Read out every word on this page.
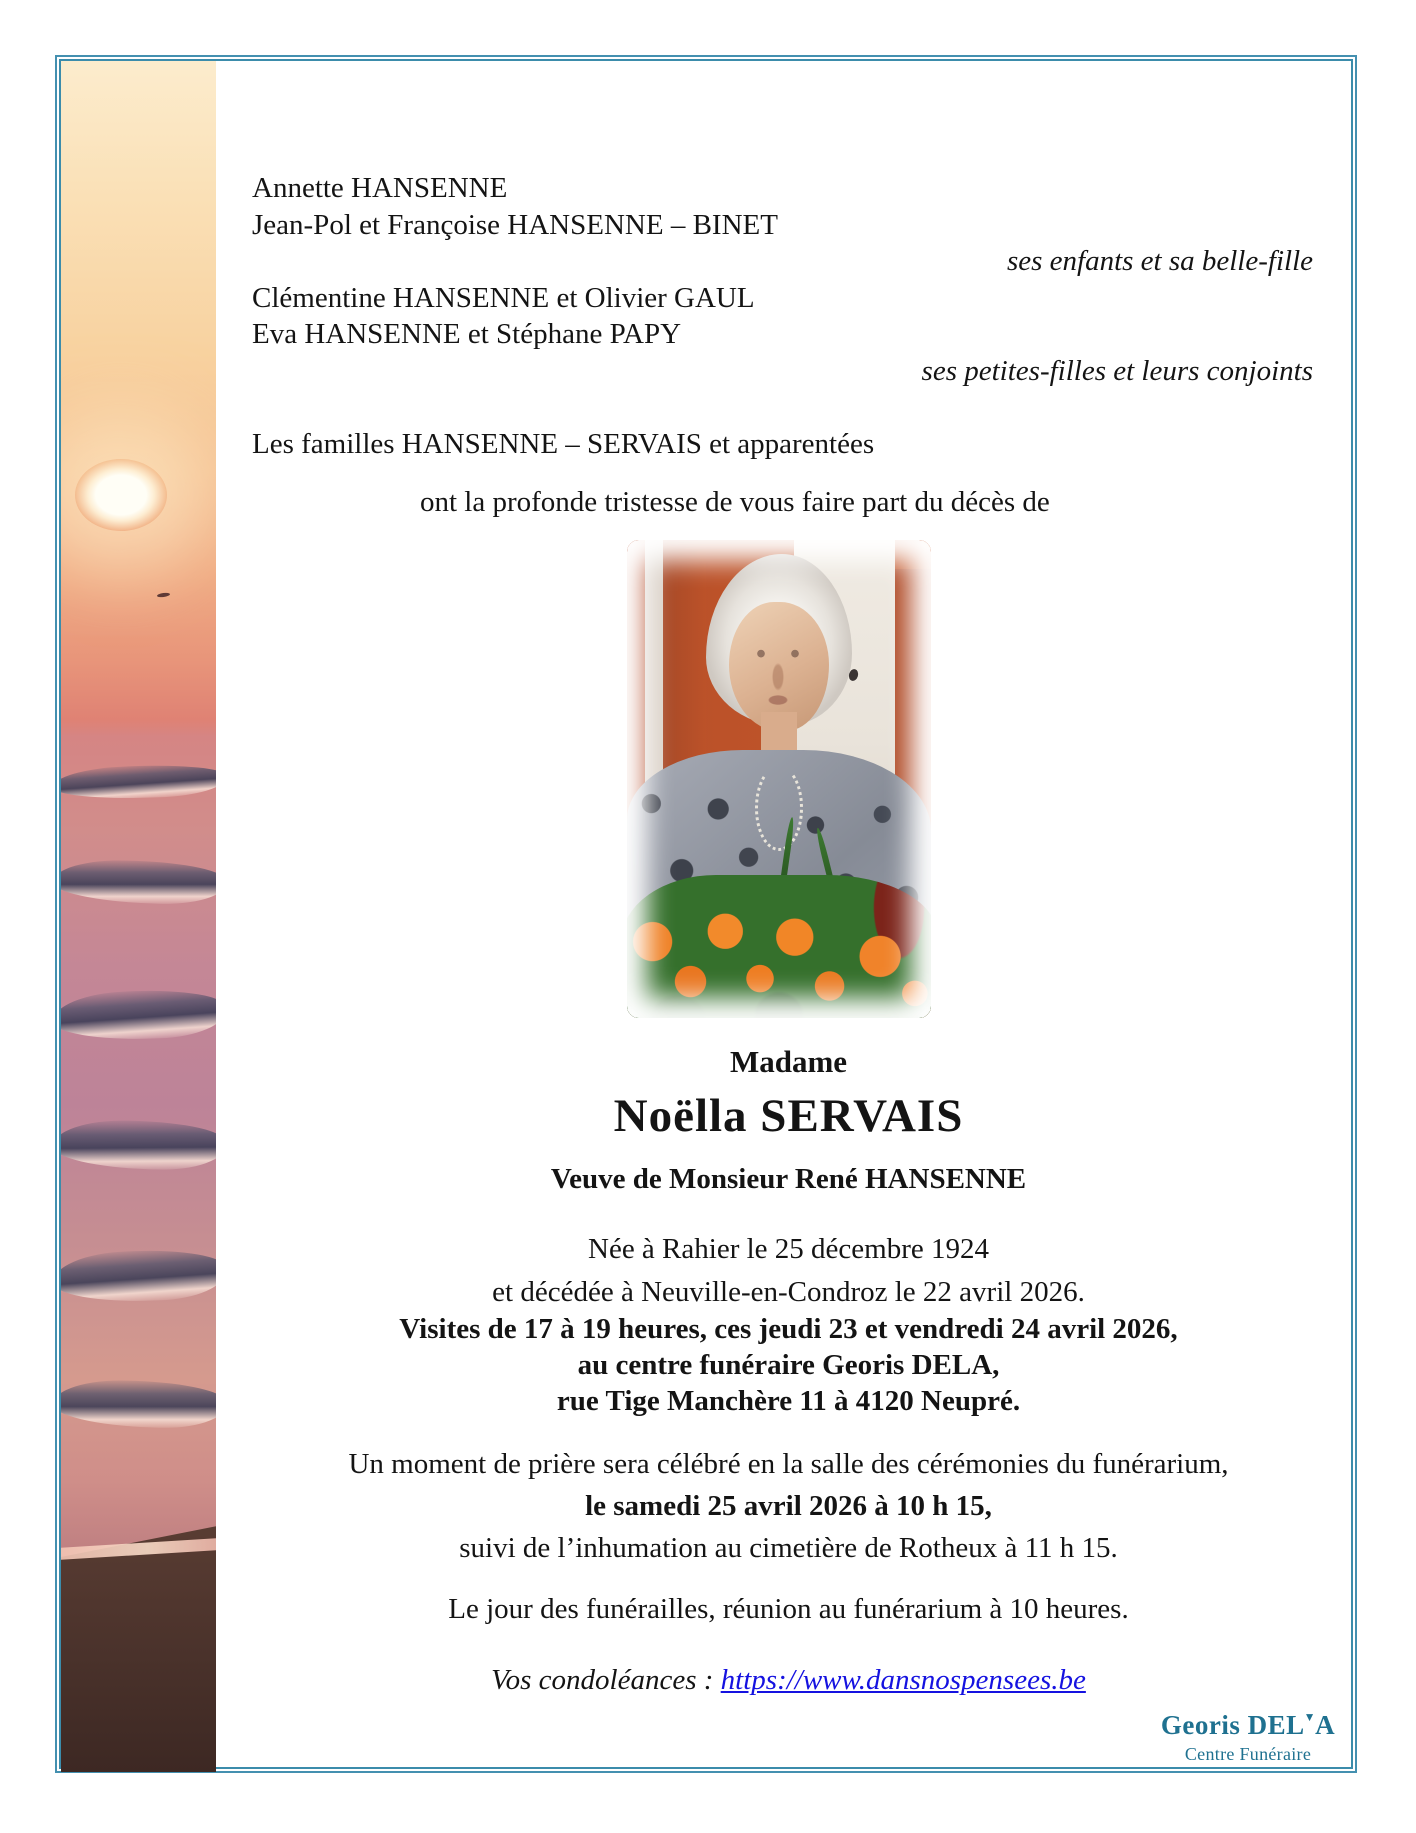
Annette HANSENNE
Jean-Pol et Françoise HANSENNE – BINET
ses enfants et sa belle-fille
Clémentine HANSENNE et Olivier GAUL
Eva HANSENNE et Stéphane PAPY
ses petites-filles et leurs conjoints
Les familles HANSENNE – SERVAIS et apparentées
ont la profonde tristesse de vous faire part du décès de
Madame
Noëlla SERVAIS
Veuve de Monsieur René HANSENNE
Née à Rahier le 25 décembre 1924
et décédée à Neuville-en-Condroz le 22 avril 2026.
Visites de 17 à 19 heures, ces jeudi 23 et vendredi 24 avril 2026,
au centre funéraire Georis DELA,
rue Tige Manchère 11 à 4120 Neupré.
Un moment de prière sera célébré en la salle des cérémonies du funérarium,
le samedi 25 avril 2026 à 10 h 15,
suivi de l’inhumation au cimetière de Rotheux à 11 h 15.
Le jour des funérailles, réunion au funérarium à 10 heures.
Vos condoléances : https://www.dansnospensees.be
Georis DEL▼A
Centre Funéraire
